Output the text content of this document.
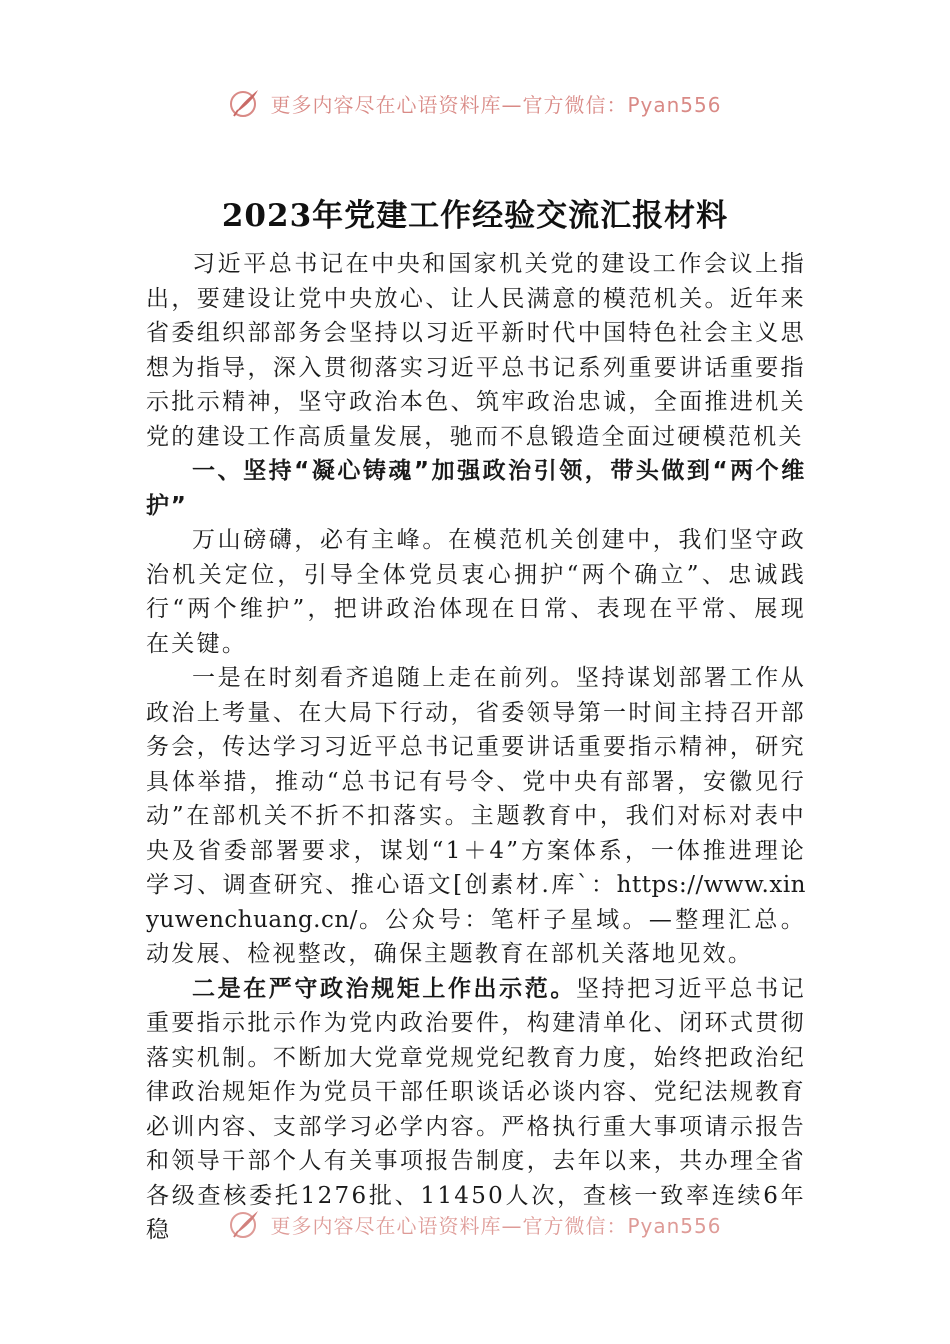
更多内容尽在心语资料库—官方微信：Pyan556
2023年党建工作经验交流汇报材料

习近平总书记在中央和国家机关党的建设工作会议上指出，要建设让党中央放心、让人民满意的模范机关。近年来省委组织部部务会坚持以习近平新时代中国特色社会主义思想为指导，深入贯彻落实习近平总书记系列重要讲话重要指示批示精神，坚守政治本色、筑牢政治忠诚，全面推进机关党的建设工作高质量发展，驰而不息锻造全面过硬模范机关

一、坚持“凝心铸魂”加强政治引领，带头做到“两个维护”

万山磅礴，必有主峰。在模范机关创建中，我们坚守政治机关定位，引导全体党员衷心拥护“两个确立”、忠诚践行“两个维护”，把讲政治体现在日常、表现在平常、展现在关键。

一是在时刻看齐追随上走在前列。坚持谋划部署工作从政治上考量、在大局下行动，省委领导第一时间主持召开部务会，传达学习习近平总书记重要讲话重要指示精神，研究具体举措，推动“总书记有号令、党中央有部署，安徽见行动”在部机关不折不扣落实。主题教育中，我们对标对表中央及省委部署要求，谋划“1＋4”方案体系，一体推进理论学习、调查研究、推心语文[创素材.库`：https://www.xinyuwenchuang.cn/。公众号：笔杆子星域。—整理汇总。动发展、检视整改，确保主题教育在部机关落地见效。

二是在严守政治规矩上作出示范。坚持把习近平总书记重要指示批示作为党内政治要件，构建清单化、闭环式贯彻落实机制。不断加大党章党规党纪教育力度，始终把政治纪律政治规矩作为党员干部任职谈话必谈内容、党纪法规教育必训内容、支部学习必学内容。严格执行重大事项请示报告和领导干部个人有关事项报告制度，去年以来，共办理全省各级查核委托1276批、11450人次，查核一致率连续6年稳	更多内容尽在心语资料库—官方微信：Pyan556
